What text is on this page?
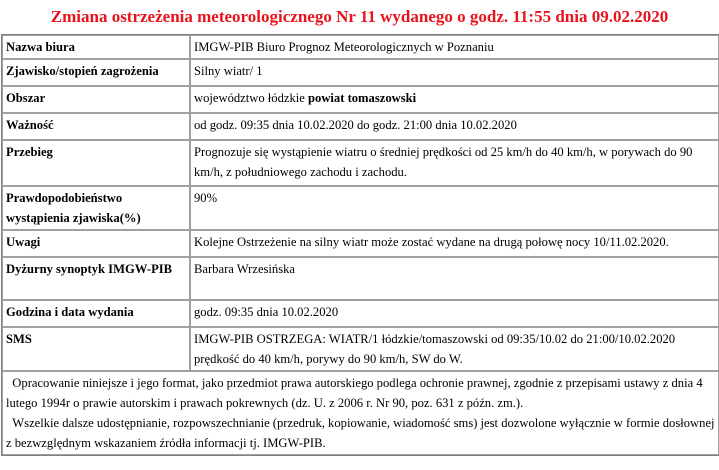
Zmiana ostrzeżenia meteorologicznego Nr 11 wydanego o godz. 11:55 dnia 09.02.2020
Nazwa biura	IMGW-PIB Biuro Prognoz Meteorologicznych w Poznaniu
Zjawisko/stopień zagrożenia	Silny wiatr/ 1
Obszar	województwo łódzkie powiat tomaszowski
Ważność	od godz. 09:35 dnia 10.02.2020 do godz. 21:00 dnia 10.02.2020
Przebieg	Prognozuje się wystąpienie wiatru o średniej prędkości od 25 km/h do 40 km/h, w porywach do 90 km/h, z południowego zachodu i zachodu.
Prawdopodobieństwo wystąpienia zjawiska(%)	90%
Uwagi	Kolejne Ostrzeżenie na silny wiatr może zostać wydane na drugą połowę nocy 10/11.02.2020.
Dyżurny synoptyk IMGW-PIB	Barbara Wrzesińska
Godzina i data wydania	godz. 09:35 dnia 10.02.2020
SMS	IMGW-PIB OSTRZEGA: WIATR/1 łódzkie/tomaszowski od 09:35/10.02 do 21:00/10.02.2020 prędkość do 40 km/h, porywy do 90 km/h, SW do W.
Opracowanie niniejsze i jego format, jako przedmiot prawa autorskiego podlega ochronie prawnej, zgodnie z przepisami ustawy z dnia 4 lutego 1994r o prawie autorskim i prawach pokrewnych (dz. U. z 2006 r. Nr 90, poz. 631 z późn. zm.).
Wszelkie dalsze udostępnianie, rozpowszechnianie (przedruk, kopiowanie, wiadomość sms) jest dozwolone wyłącznie w formie dosłownej z bezwzględnym wskazaniem źródła informacji tj. IMGW-PIB.	
